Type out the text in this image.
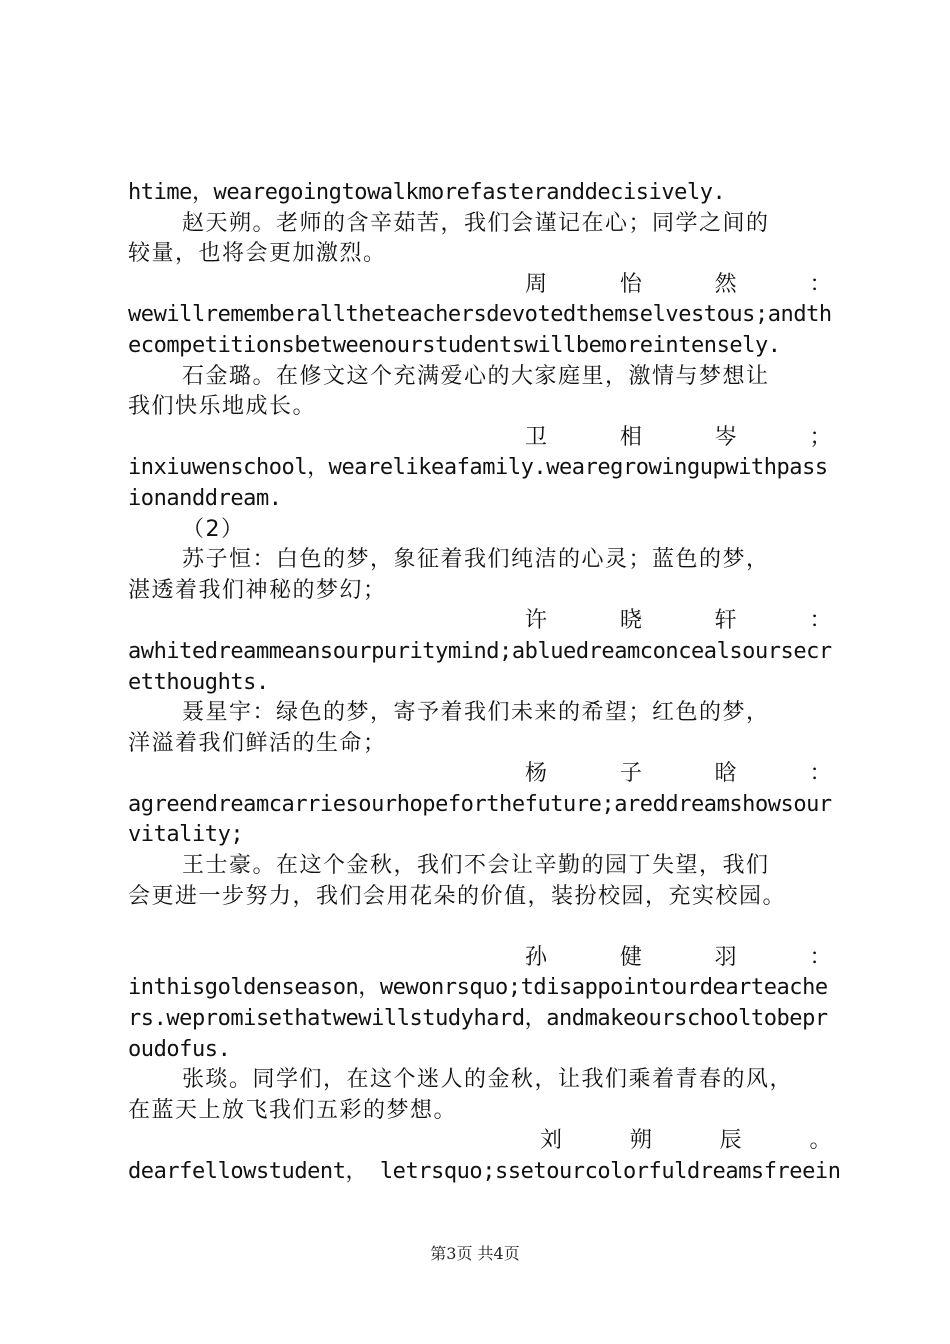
htime，wearegoingtowalkmorefasteranddecisively.
赵天朔。老师的含辛茹苦，我们会谨记在心；同学之间的
较量，也将会更加激烈。
周	怡	然	：
wewillrememberalltheteachersdevotedthemselvestous;andth
ecompetitionsbetweenourstudentswillbemoreintensely.
石金璐。在修文这个充满爱心的大家庭里，激情与梦想让
我们快乐地成长。
卫	相	岑	；
inxiuwenschool，wearelikeafamily.wearegrowingupwithpass
ionanddream.
（2）
苏子恒：白色的梦，象征着我们纯洁的心灵；蓝色的梦，
湛透着我们神秘的梦幻；
许	晓	轩	：
awhitedreammeansourpuritymind;abluedreamconcealsoursecr
etthoughts.
聂星宇：绿色的梦，寄予着我们未来的希望；红色的梦，
洋溢着我们鲜活的生命；
杨	子	晗	：
agreendreamcarriesourhopeforthefuture;areddreamshowsour
vitality;
王士豪。在这个金秋，我们不会让辛勤的园丁失望，我们
会更进一步努力，我们会用花朵的价值，装扮校园，充实校园。
孙	健	羽	：
inthisgoldenseason，wewonrsquo;tdisappointourdearteache
rs.wepromisethatwewillstudyhard，andmakeourschooltobepr
oudofus.
张琰。同学们，在这个迷人的金秋，让我们乘着青春的风，
在蓝天上放飞我们五彩的梦想。
刘	朔	辰	。
dearfellowstudent， letrsquo;ssetourcolorfuldreamsfreein
第3页 共4页
